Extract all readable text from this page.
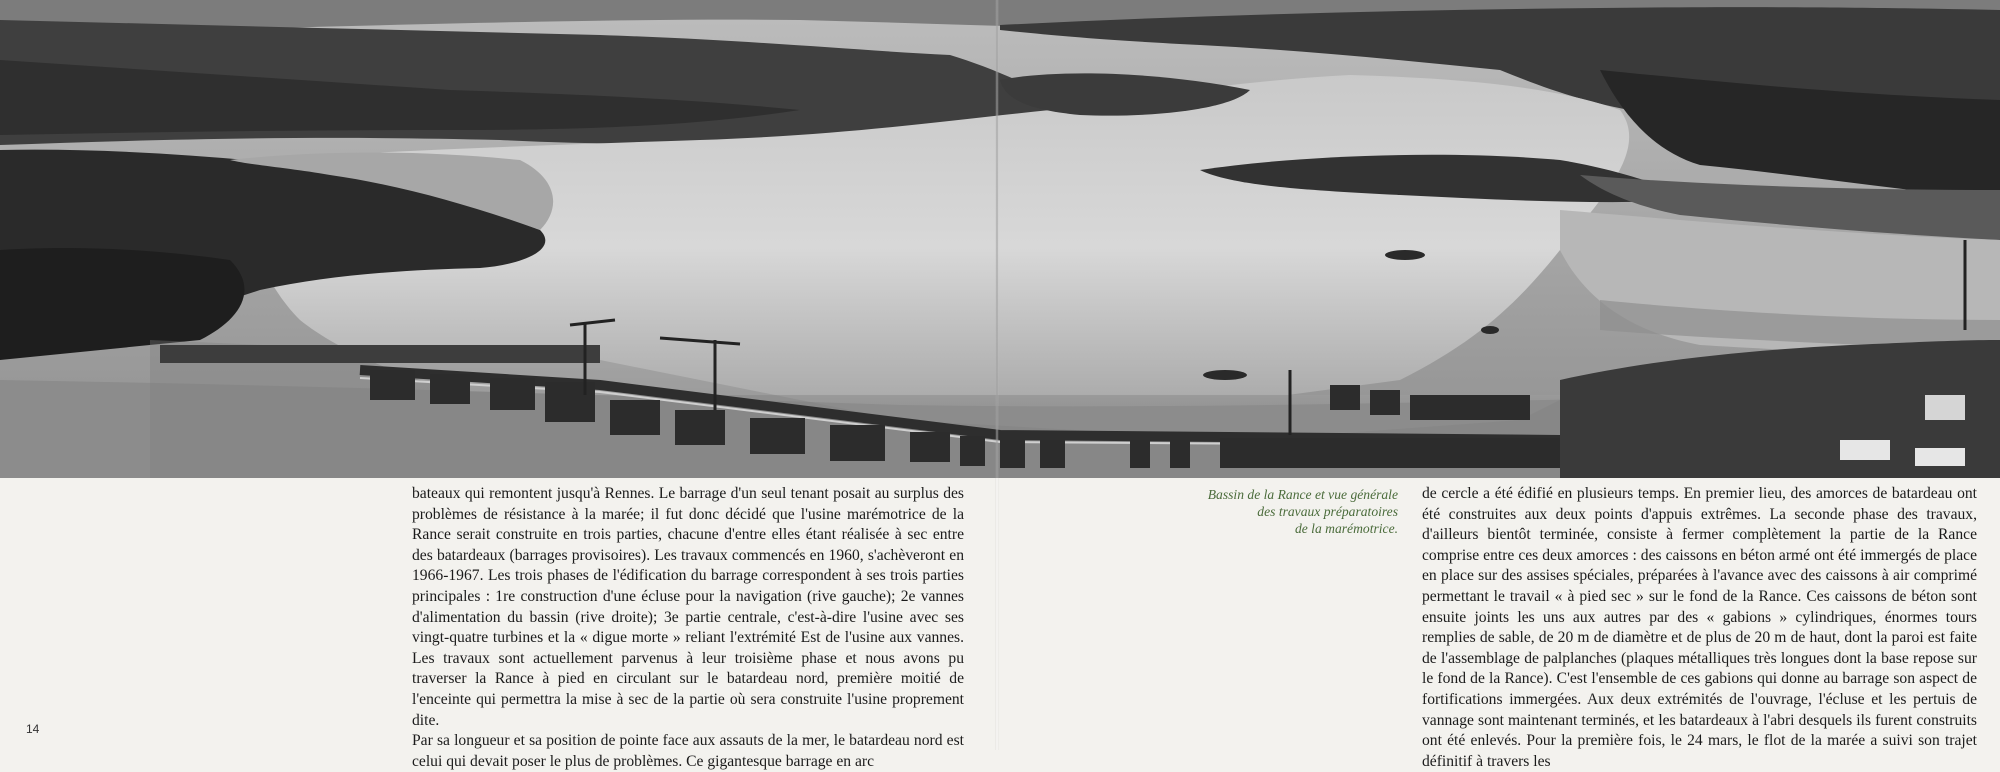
bateaux qui remontent jusqu'à Rennes. Le barrage d'un seul tenant posait au surplus des problèmes de résistance à la marée; il fut donc décidé que l'usine marémotrice de la Rance serait construite en trois parties, chacune d'entre elles étant réalisée à sec entre des batardeaux (barrages provisoires). Les travaux commencés en 1960, s'achèveront en 1966-1967. Les trois phases de l'édification du barrage correspondent à ses trois parties principales : 1re construction d'une écluse pour la navigation (rive gauche); 2e vannes d'alimentation du bassin (rive droite); 3e partie centrale, c'est-à-dire l'usine avec ses vingt-quatre turbines et la « digue morte » reliant l'extrémité Est de l'usine aux vannes. Les travaux sont actuellement parvenus à leur troisième phase et nous avons pu traverser la Rance à pied en circulant sur le batardeau nord, première moitié de l'enceinte qui permettra la mise à sec de la partie où sera construite l'usine proprement dite.

Par sa longueur et sa position de pointe face aux assauts de la mer, le batardeau nord est celui qui devait poser le plus de problèmes. Ce gigantesque barrage en arc

Bassin de la Rance et vue générale
des travaux préparatoires
de la marémotrice.

de cercle a été édifié en plusieurs temps. En premier lieu, des amorces de batardeau ont été construites aux deux points d'appuis extrêmes. La seconde phase des travaux, d'ailleurs bientôt terminée, consiste à fermer complètement la partie de la Rance comprise entre ces deux amorces : des caissons en béton armé ont été immergés de place en place sur des assises spéciales, préparées à l'avance avec des caissons à air comprimé permettant le travail « à pied sec » sur le fond de la Rance. Ces caissons de béton sont ensuite joints les uns aux autres par des « gabions » cylindriques, énormes tours remplies de sable, de 20 m de diamètre et de plus de 20 m de haut, dont la paroi est faite de l'assemblage de palplanches (plaques métalliques très longues dont la base repose sur le fond de la Rance). C'est l'ensemble de ces gabions qui donne au barrage son aspect de fortifications immergées. Aux deux extrémités de l'ouvrage, l'écluse et les pertuis de vannage sont maintenant terminés, et les batardeaux à l'abri desquels ils furent construits ont été enlevés. Pour la première fois, le 24 mars, le flot de la marée a suivi son trajet définitif à travers les

14
